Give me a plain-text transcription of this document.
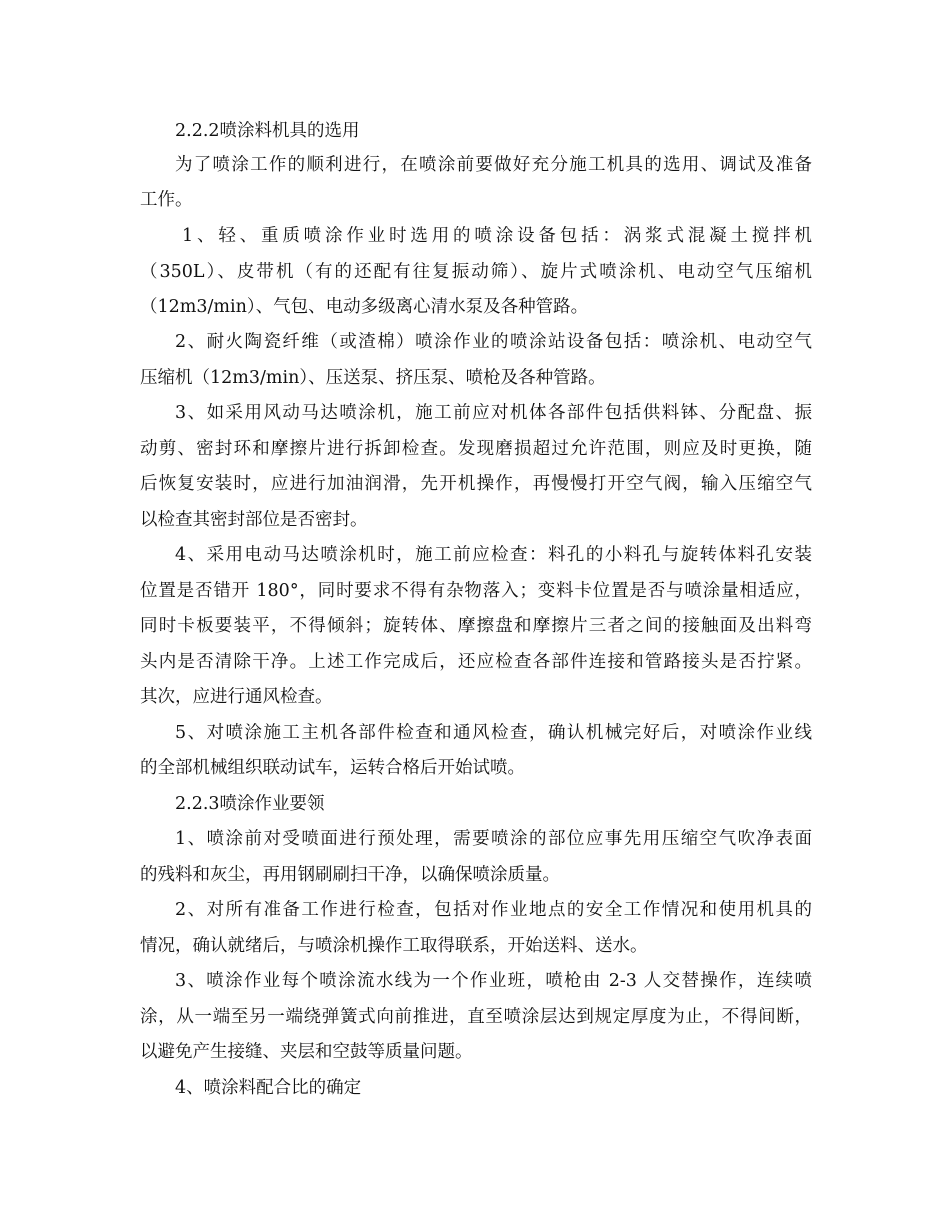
2.2.2喷涂料机具的选用
为了喷涂工作的顺利进行，在喷涂前要做好充分施工机具的选用、调试及准备
工作。
1、轻、重质喷涂作业时选用的喷涂设备包括：涡浆式混凝土搅拌机
（350L）、皮带机（有的还配有往复振动筛）、旋片式喷涂机、电动空气压缩机
（12m3/min）、气包、电动多级离心清水泵及各种管路。
2、耐火陶瓷纤维（或渣棉）喷涂作业的喷涂站设备包括：喷涂机、电动空气
压缩机（12m3/min）、压送泵、挤压泵、喷枪及各种管路。
3、如采用风动马达喷涂机，施工前应对机体各部件包括供料钵、分配盘、振
动剪、密封环和摩擦片进行拆卸检查。发现磨损超过允许范围，则应及时更换，随
后恢复安装时，应进行加油润滑，先开机操作，再慢慢打开空气阀，输入压缩空气
以检查其密封部位是否密封。
4、采用电动马达喷涂机时，施工前应检查：料孔的小料孔与旋转体料孔安装
位置是否错开 180°，同时要求不得有杂物落入；变料卡位置是否与喷涂量相适应，
同时卡板要装平，不得倾斜；旋转体、摩擦盘和摩擦片三者之间的接触面及出料弯
头内是否清除干净。上述工作完成后，还应检查各部件连接和管路接头是否拧紧。
其次，应进行通风检查。
5、对喷涂施工主机各部件检查和通风检查，确认机械完好后，对喷涂作业线
的全部机械组织联动试车，运转合格后开始试喷。
2.2.3喷涂作业要领
1、喷涂前对受喷面进行预处理，需要喷涂的部位应事先用压缩空气吹净表面
的残料和灰尘，再用钢刷刷扫干净，以确保喷涂质量。
2、对所有准备工作进行检查，包括对作业地点的安全工作情况和使用机具的
情况，确认就绪后，与喷涂机操作工取得联系，开始送料、送水。
3、喷涂作业每个喷涂流水线为一个作业班，喷枪由 2-3 人交替操作，连续喷
涂，从一端至另一端绕弹簧式向前推进，直至喷涂层达到规定厚度为止，不得间断，
以避免产生接缝、夹层和空鼓等质量问题。
4、喷涂料配合比的确定
